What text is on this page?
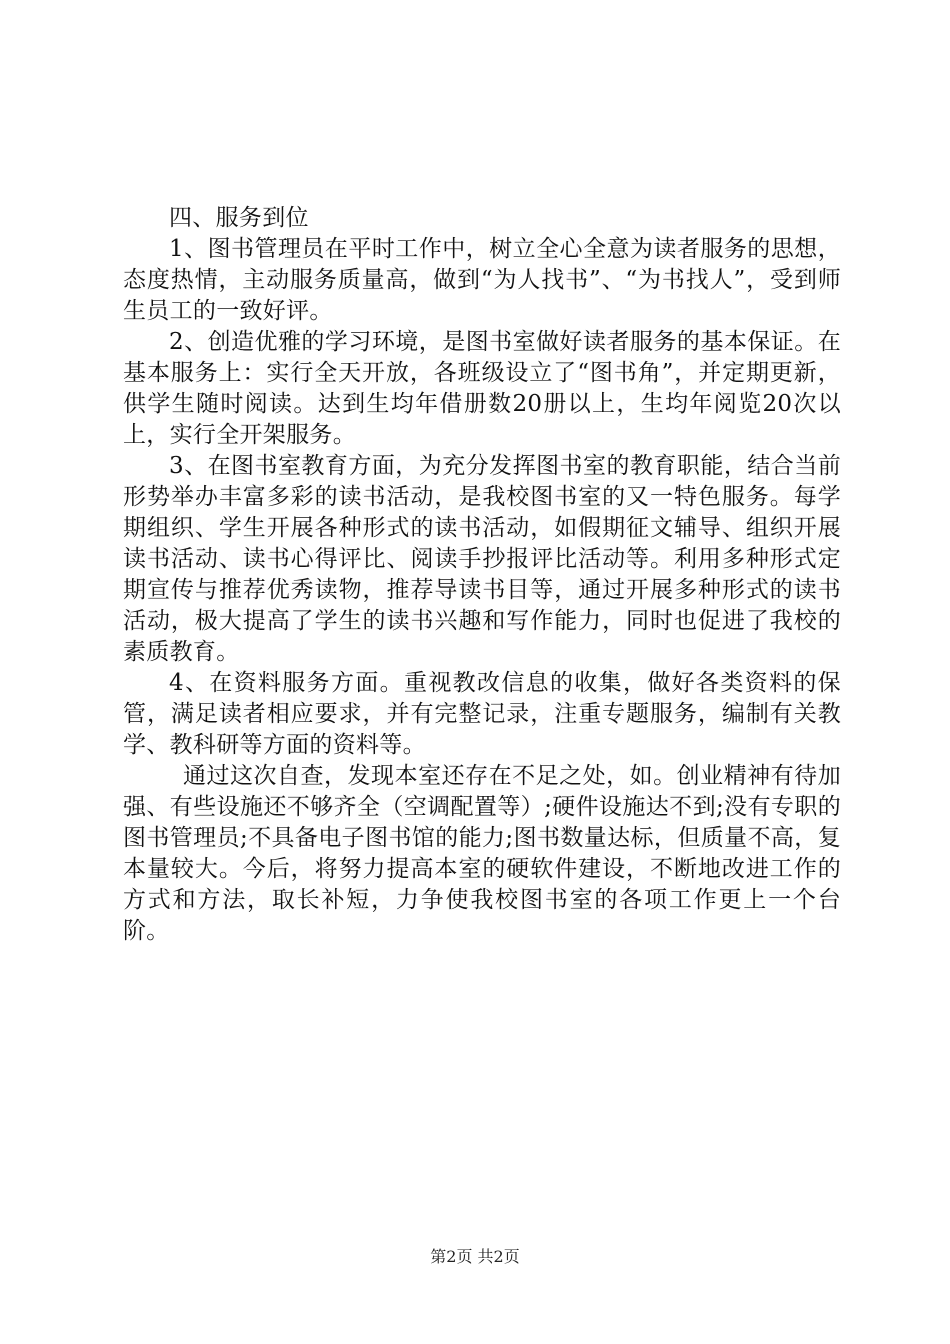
四、服务到位

1、图书管理员在平时工作中，树立全心全意为读者服务的思想，态度热情，主动服务质量高，做到“为人找书”、“为书找人”，受到师生员工的一致好评。

2、创造优雅的学习环境，是图书室做好读者服务的基本保证。在基本服务上：实行全天开放，各班级设立了“图书角”，并定期更新，供学生随时阅读。达到生均年借册数20册以上，生均年阅览20次以上，实行全开架服务。

3、在图书室教育方面，为充分发挥图书室的教育职能，结合当前形势举办丰富多彩的读书活动，是我校图书室的又一特色服务。每学期组织、学生开展各种形式的读书活动，如假期征文辅导、组织开展读书活动、读书心得评比、阅读手抄报评比活动等。利用多种形式定期宣传与推荐优秀读物，推荐导读书目等，通过开展多种形式的读书活动，极大提高了学生的读书兴趣和写作能力，同时也促进了我校的素质教育。

4、在资料服务方面。重视教改信息的收集，做好各类资料的保管，满足读者相应要求，并有完整记录，注重专题服务，编制有关教学、教科研等方面的资料等。

通过这次自查，发现本室还存在不足之处，如。创业精神有待加强、有些设施还不够齐全（空调配置等）;硬件设施达不到;没有专职的图书管理员;不具备电子图书馆的能力;图书数量达标，但质量不高，复本量较大。今后，将努力提高本室的硬软件建设，不断地改进工作的方式和方法，取长补短，力争使我校图书室的各项工作更上一个台阶。

第2页 共2页
